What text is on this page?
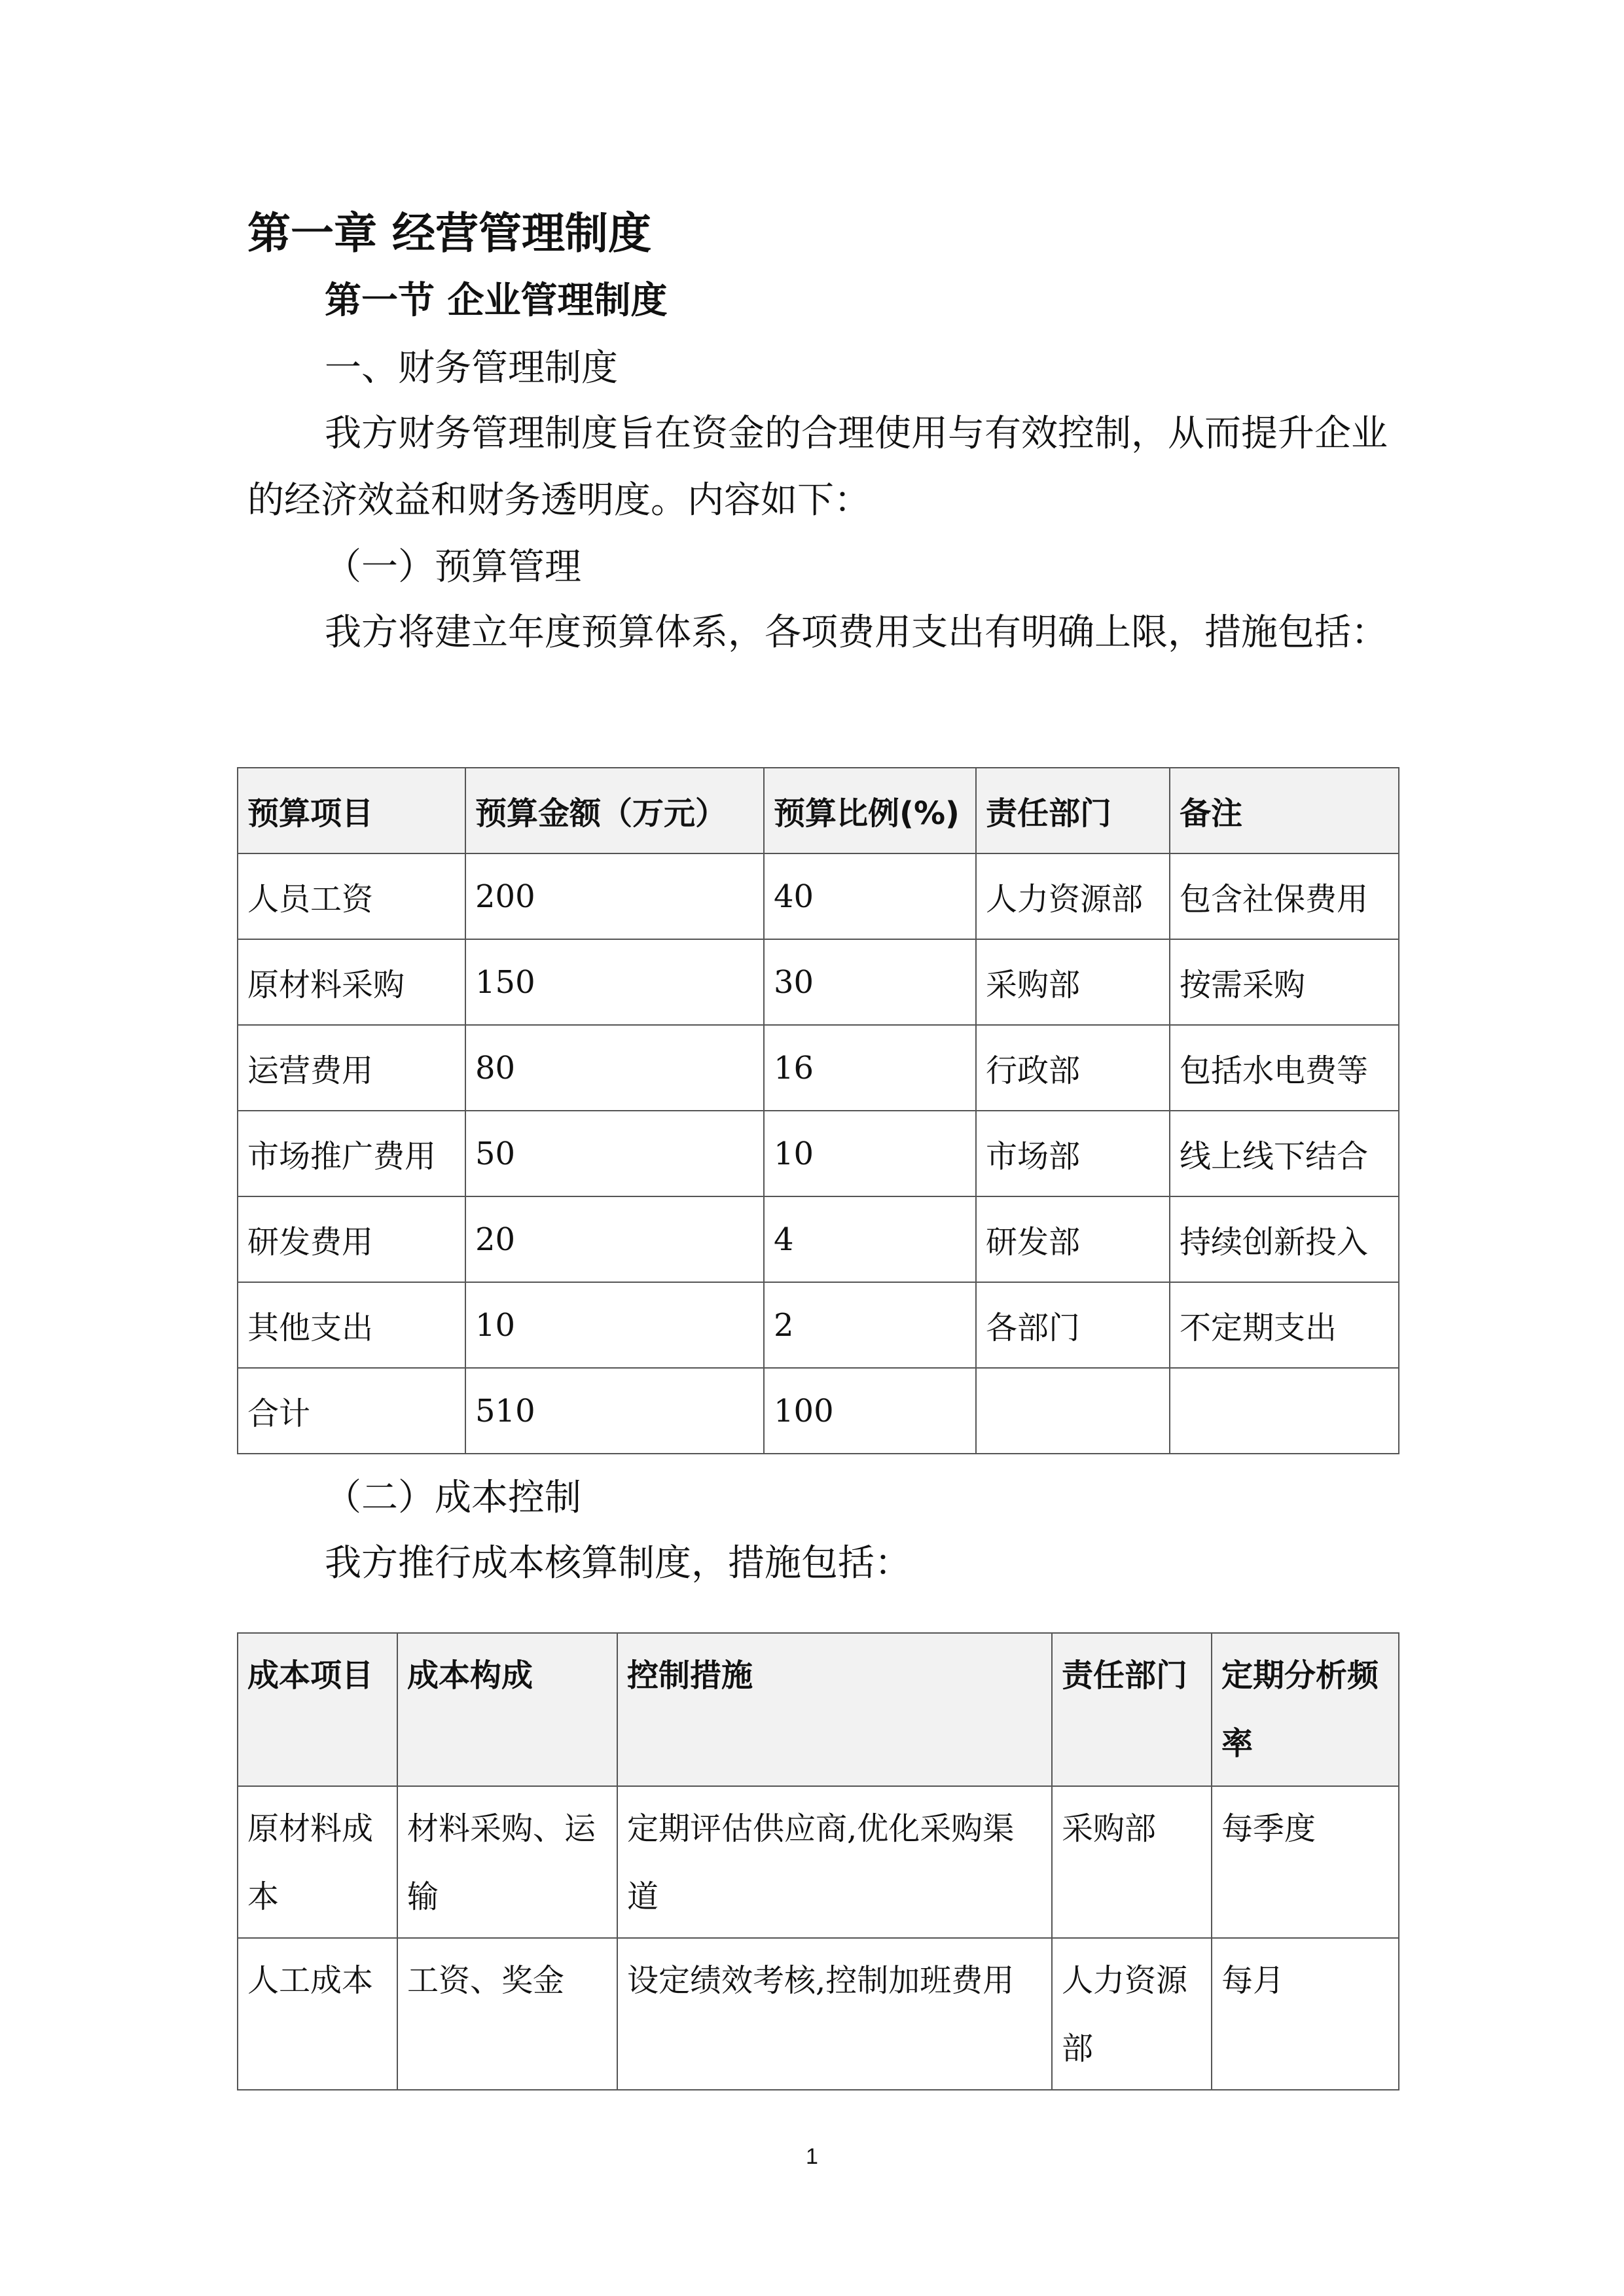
第一章 经营管理制度
第一节 企业管理制度
一、财务管理制度
我方财务管理制度旨在资金的合理使用与有效控制，从而提升企业的经济效益和财务透明度。内容如下：
（一）预算管理
我方将建立年度预算体系，各项费用支出有明确上限，措施包括：
预算项目	预算金额（万元）	预算比例(%)	责任部门	备注
人员工资	200	40	人力资源部	包含社保费用
原材料采购	150	30	采购部	按需采购
运营费用	80	16	行政部	包括水电费等
市场推广费用	50	10	市场部	线上线下结合
研发费用	20	4	研发部	持续创新投入
其他支出	10	2	各部门	不定期支出
合计	510	100		
（二）成本控制
我方推行成本核算制度，措施包括：
成本项目	成本构成	控制措施	责任部门	定期分析频率

原材料成本	材料采购、运输	定期评估供应商,优化采购渠道	采购部	每季度

人工成本	工资、奖金	设定绩效考核,控制加班费用	人力资源部	每月
1
